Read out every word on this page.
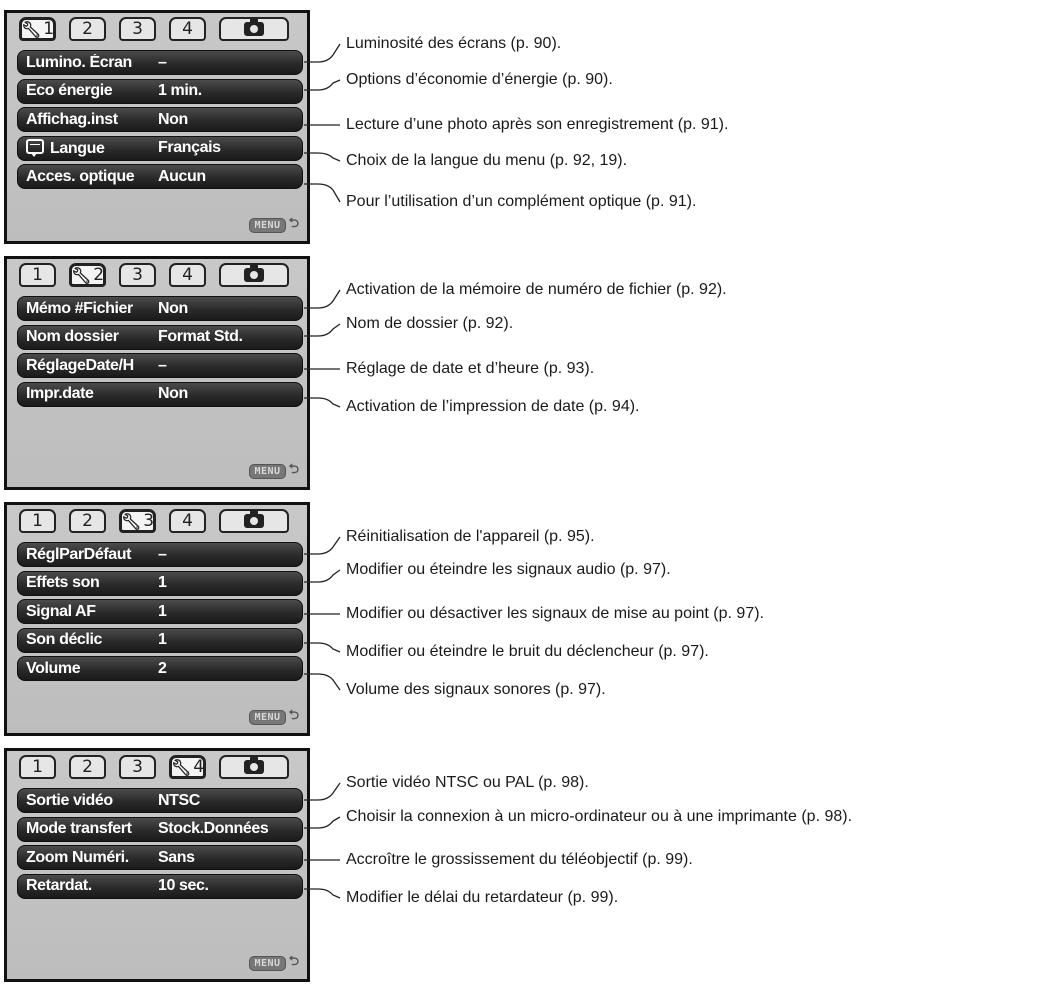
🔧︎ 1 2 3 4
Lumino. Écran	–
Eco énergie	1 min.
Affichag.inst	Non
Langue	Français
Acces. optique	Aucun
MENU ⮌
1 🔧︎ 2 3 4
Mémo #Fichier	Non
Nom dossier	Format Std.
RéglageDate/H	–
Impr.date	Non
MENU ⮌
1 2 🔧︎ 3 4
RéglParDéfaut	–
Effets son	1
Signal AF	1
Son déclic	1
Volume	2
MENU ⮌
1 2 3 🔧︎ 4
Sortie vidéo	NTSC
Mode transfert	Stock.Données
Zoom Numéri.	Sans
Retardat.	10 sec.
MENU ⮌
Luminosité des écrans (p. 90).
Options d’économie d’énergie (p. 90).
Lecture d’une photo après son enregistrement (p. 91).
Choix de la langue du menu (p. 92, 19).
Pour l’utilisation d’un complément optique (p. 91).
Activation de la mémoire de numéro de fichier (p. 92).
Nom de dossier (p. 92).
Réglage de date et d’heure (p. 93).
Activation de l’impression de date (p. 94).
Réinitialisation de l'appareil (p. 95).
Modifier ou éteindre les signaux audio (p. 97).
Modifier ou désactiver les signaux de mise au point (p. 97).
Modifier ou éteindre le bruit du déclencheur (p. 97).
Volume des signaux sonores (p. 97).
Sortie vidéo NTSC ou PAL (p. 98).
Choisir la connexion à un micro-ordinateur ou à une imprimante (p. 98).
Accroître le grossissement du téléobjectif (p. 99).
Modifier le délai du retardateur (p. 99).
